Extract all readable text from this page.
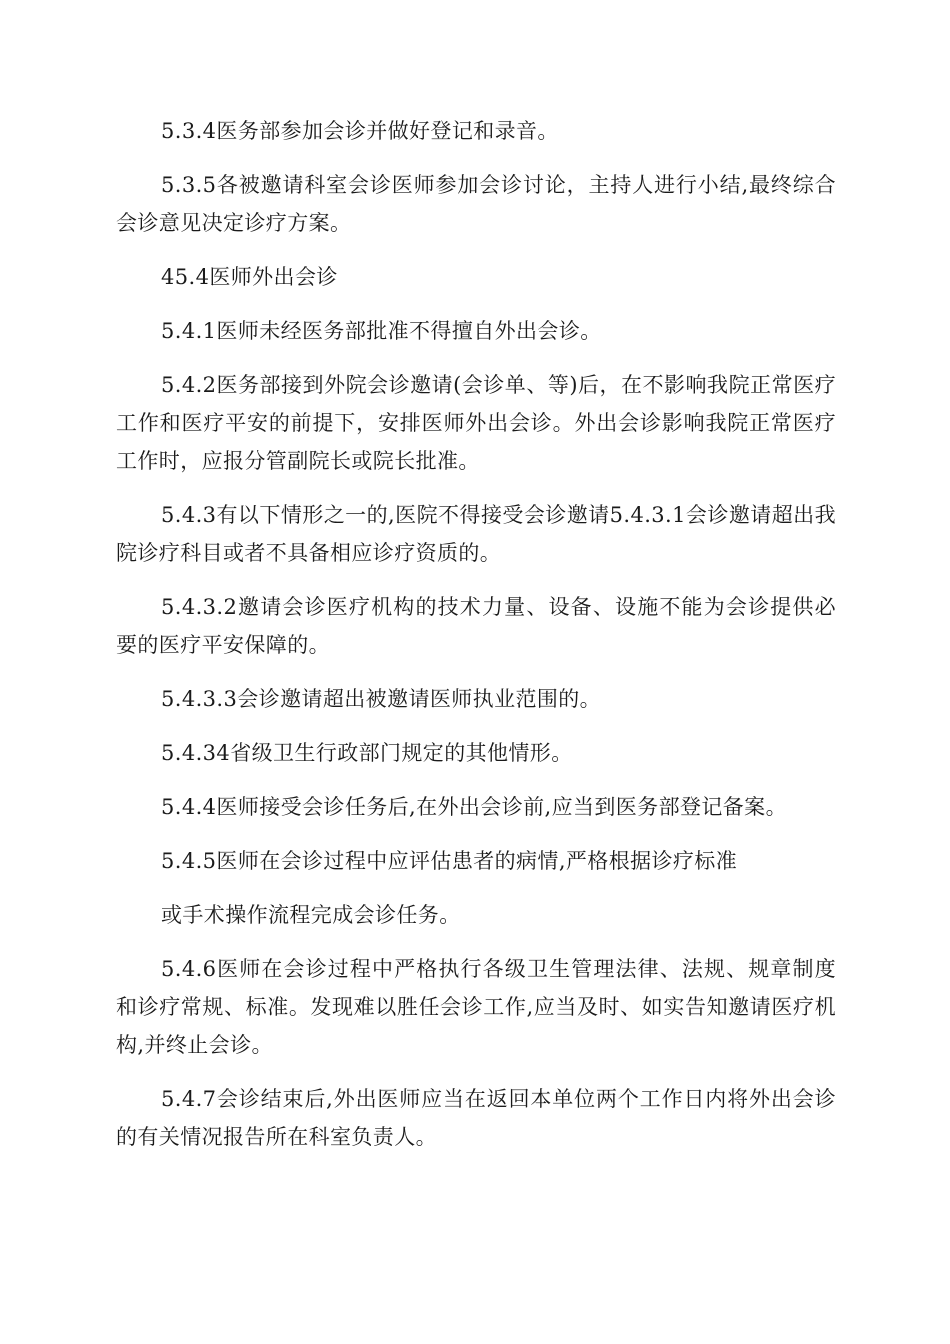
5.3.4医务部参加会诊并做好登记和录音。

5.3.5各被邀请科室会诊医师参加会诊讨论，主持人进行小结,最终综合会诊意见决定诊疗方案。

45.4医师外出会诊

5.4.1医师未经医务部批准不得擅自外出会诊。

5.4.2医务部接到外院会诊邀请(会诊单、等)后，在不影响我院正常医疗工作和医疗平安的前提下，安排医师外出会诊。外出会诊影响我院正常医疗工作时，应报分管副院长或院长批准。

5.4.3有以下情形之一的,医院不得接受会诊邀请5.4.3.1会诊邀请超出我院诊疗科目或者不具备相应诊疗资质的。

5.4.3.2邀请会诊医疗机构的技术力量、设备、设施不能为会诊提供必要的医疗平安保障的。

5.4.3.3会诊邀请超出被邀请医师执业范围的。

5.4.34省级卫生行政部门规定的其他情形。

5.4.4医师接受会诊任务后,在外出会诊前,应当到医务部登记备案。

5.4.5医师在会诊过程中应评估患者的病情,严格根据诊疗标准

或手术操作流程完成会诊任务。

5.4.6医师在会诊过程中严格执行各级卫生管理法律、法规、规章制度和诊疗常规、标准。发现难以胜任会诊工作,应当及时、如实告知邀请医疗机构,并终止会诊。

5.4.7会诊结束后,外出医师应当在返回本单位两个工作日内将外出会诊的有关情况报告所在科室负责人。
